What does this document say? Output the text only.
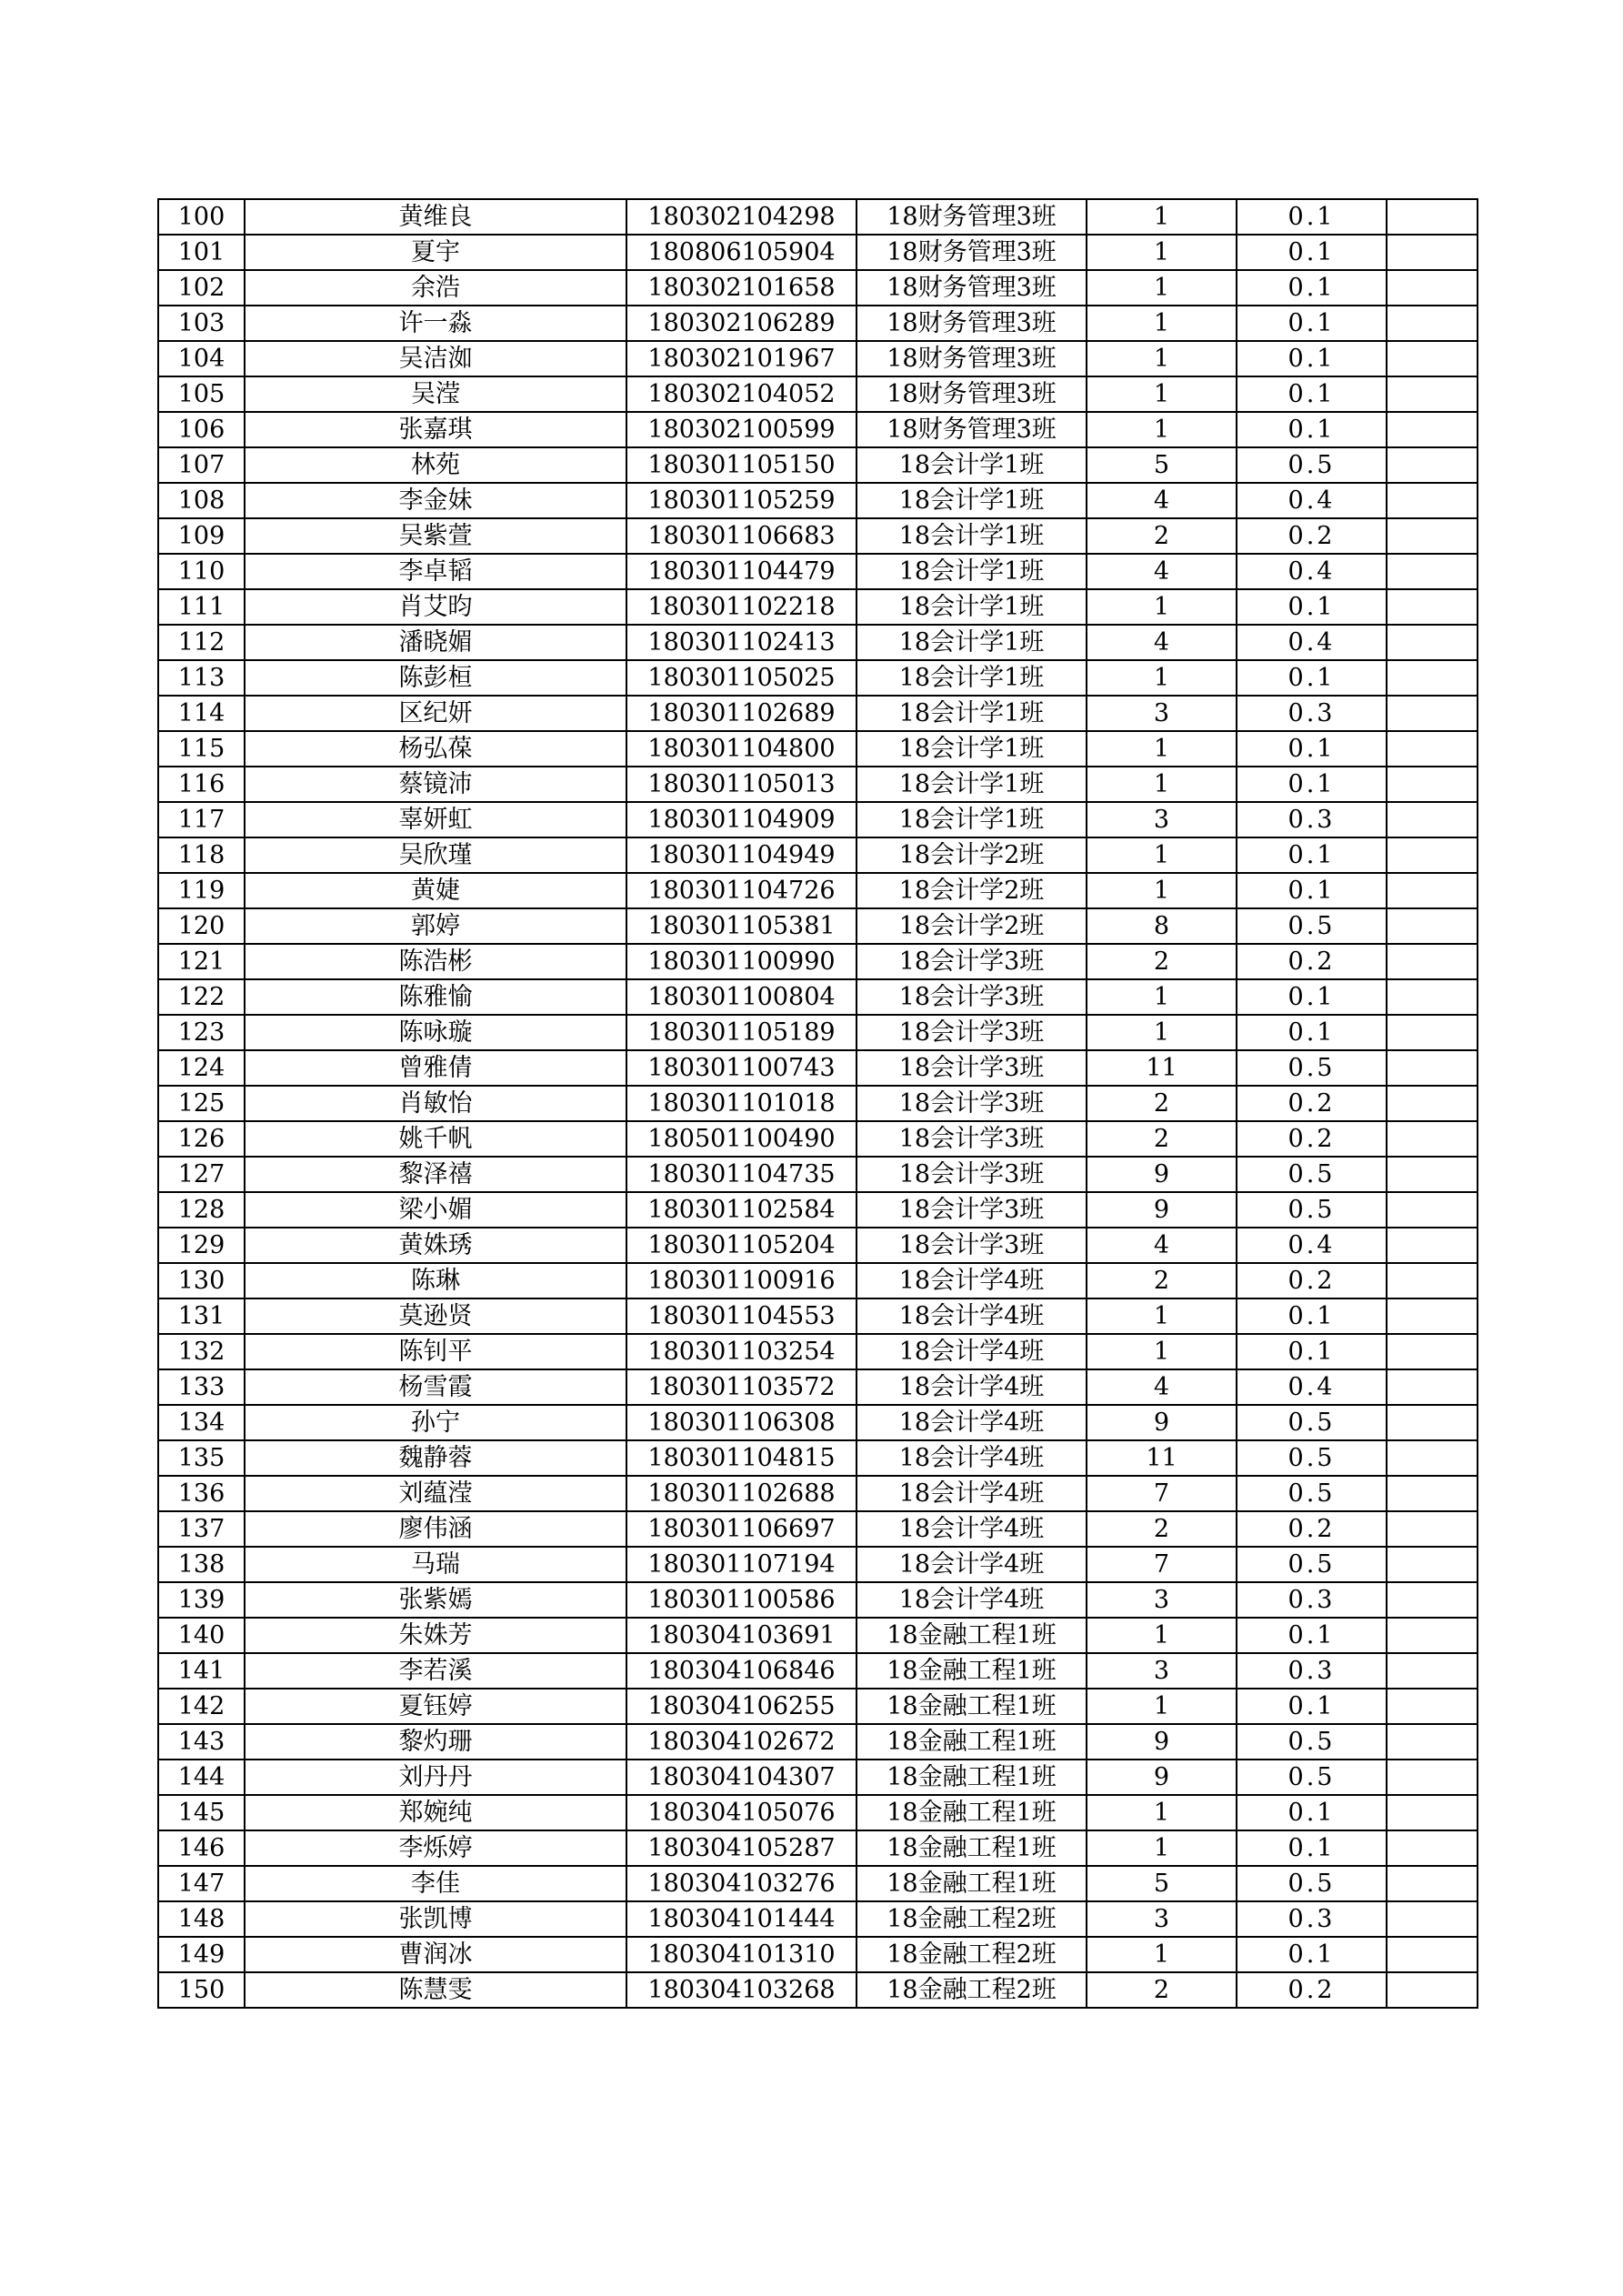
100	黄维良	180302104298	18财务管理3班	1	0.1	
101	夏宇	180806105904	18财务管理3班	1	0.1	
102	余浩	180302101658	18财务管理3班	1	0.1	
103	许一淼	180302106289	18财务管理3班	1	0.1	
104	吴洁洳	180302101967	18财务管理3班	1	0.1	
105	吴滢	180302104052	18财务管理3班	1	0.1	
106	张嘉琪	180302100599	18财务管理3班	1	0.1	
107	林苑	180301105150	18会计学1班	5	0.5	
108	李金妹	180301105259	18会计学1班	4	0.4	
109	吴紫萱	180301106683	18会计学1班	2	0.2	
110	李卓韬	180301104479	18会计学1班	4	0.4	
111	肖艾昀	180301102218	18会计学1班	1	0.1	
112	潘晓媚	180301102413	18会计学1班	4	0.4	
113	陈彭桓	180301105025	18会计学1班	1	0.1	
114	区纪妍	180301102689	18会计学1班	3	0.3	
115	杨弘葆	180301104800	18会计学1班	1	0.1	
116	蔡镜沛	180301105013	18会计学1班	1	0.1	
117	辜妍虹	180301104909	18会计学1班	3	0.3	
118	吴欣瑾	180301104949	18会计学2班	1	0.1	
119	黄婕	180301104726	18会计学2班	1	0.1	
120	郭婷	180301105381	18会计学2班	8	0.5	
121	陈浩彬	180301100990	18会计学3班	2	0.2	
122	陈雅愉	180301100804	18会计学3班	1	0.1	
123	陈咏璇	180301105189	18会计学3班	1	0.1	
124	曾雅倩	180301100743	18会计学3班	11	0.5	
125	肖敏怡	180301101018	18会计学3班	2	0.2	
126	姚千帆	180501100490	18会计学3班	2	0.2	
127	黎泽禧	180301104735	18会计学3班	9	0.5	
128	梁小媚	180301102584	18会计学3班	9	0.5	
129	黄姝琇	180301105204	18会计学3班	4	0.4	
130	陈琳	180301100916	18会计学4班	2	0.2	
131	莫逊贤	180301104553	18会计学4班	1	0.1	
132	陈钊平	180301103254	18会计学4班	1	0.1	
133	杨雪霞	180301103572	18会计学4班	4	0.4	
134	孙宁	180301106308	18会计学4班	9	0.5	
135	魏静蓉	180301104815	18会计学4班	11	0.5	
136	刘蕴滢	180301102688	18会计学4班	7	0.5	
137	廖伟涵	180301106697	18会计学4班	2	0.2	
138	马瑞	180301107194	18会计学4班	7	0.5	
139	张紫嫣	180301100586	18会计学4班	3	0.3	
140	朱姝芳	180304103691	18金融工程1班	1	0.1	
141	李若溪	180304106846	18金融工程1班	3	0.3	
142	夏钰婷	180304106255	18金融工程1班	1	0.1	
143	黎灼珊	180304102672	18金融工程1班	9	0.5	
144	刘丹丹	180304104307	18金融工程1班	9	0.5	
145	郑婉纯	180304105076	18金融工程1班	1	0.1	
146	李烁婷	180304105287	18金融工程1班	1	0.1	
147	李佳	180304103276	18金融工程1班	5	0.5	
148	张凯博	180304101444	18金融工程2班	3	0.3	
149	曹润冰	180304101310	18金融工程2班	1	0.1	
150	陈慧雯	180304103268	18金融工程2班	2	0.2	
